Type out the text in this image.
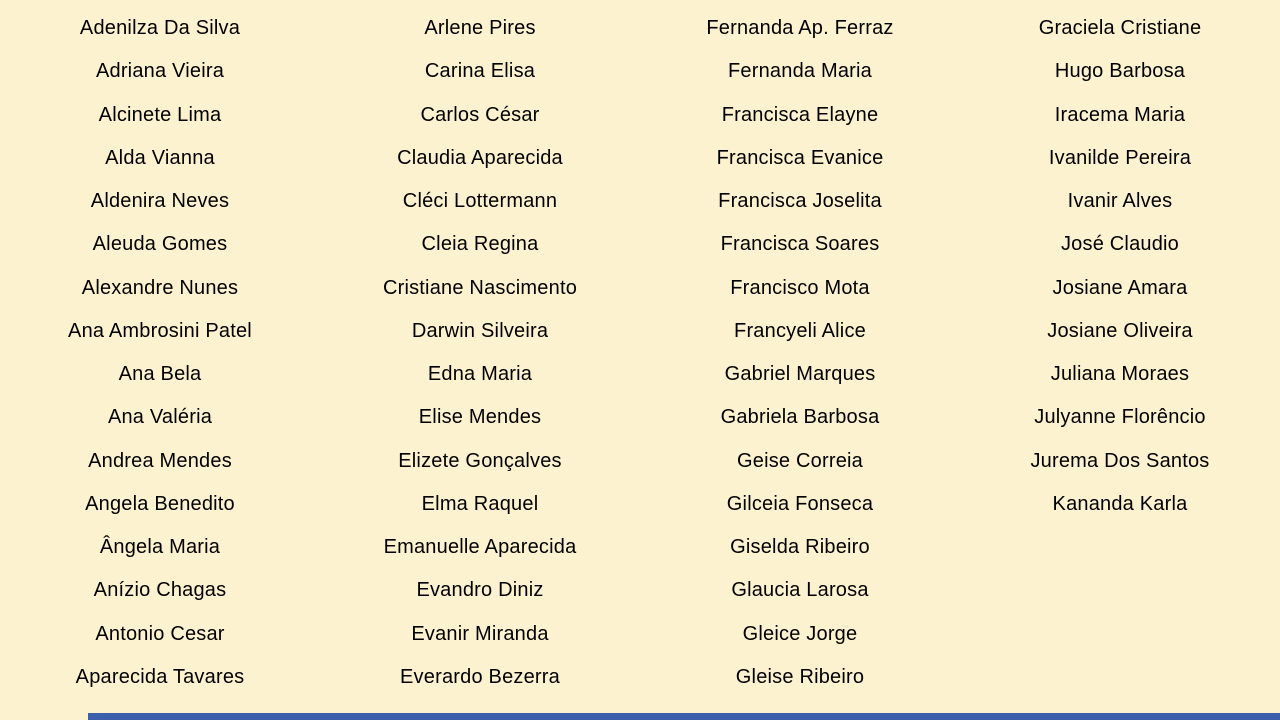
Adenilza Da Silva
Adriana Vieira
Alcinete Lima
Alda Vianna
Aldenira Neves
Aleuda Gomes
Alexandre Nunes
Ana Ambrosini Patel
Ana Bela
Ana Valéria
Andrea Mendes
Angela Benedito
Ângela Maria
Anízio Chagas
Antonio Cesar
Aparecida Tavares
Arlene Pires
Carina Elisa
Carlos César
Claudia Aparecida
Cléci Lottermann
Cleia Regina
Cristiane Nascimento
Darwin Silveira
Edna Maria
Elise Mendes
Elizete Gonçalves
Elma Raquel
Emanuelle Aparecida
Evandro Diniz
Evanir Miranda
Everardo Bezerra
Fernanda Ap. Ferraz
Fernanda Maria
Francisca Elayne
Francisca Evanice
Francisca Joselita
Francisca Soares
Francisco Mota
Francyeli Alice
Gabriel Marques
Gabriela Barbosa
Geise Correia
Gilceia Fonseca
Giselda Ribeiro
Glaucia Larosa
Gleice Jorge
Gleise Ribeiro
Graciela Cristiane
Hugo Barbosa
Iracema Maria
Ivanilde Pereira
Ivanir Alves
José Claudio
Josiane Amara
Josiane Oliveira
Juliana Moraes
Julyanne Florêncio
Jurema Dos Santos
Kananda Karla
